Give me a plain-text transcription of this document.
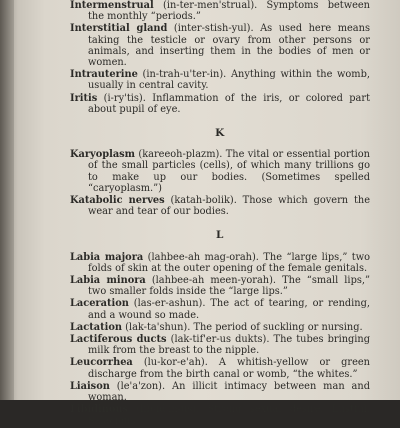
Intermenstrual (in-ter-men'strual). Symptoms between the monthly “periods.”

Interstitial gland (inter-stish-yul). As used here means taking the testicle or ovary from other persons or animals, and inserting them in the bodies of men or women.

Intrauterine (in-trah-u'ter-in). Anything within the womb, usually in central cavity.

Iritis (i-ry'tis). Inflammation of the iris, or colored part about pupil of eye.

K

Karyoplasm (kareeoh-plazm). The vital or essential portion of the small particles (cells), of which many trillions go to make up our bodies. (Sometimes spelled “caryoplasm.”)

Katabolic nerves (katah-bolik). Those which govern the wear and tear of our bodies.

L

Labia majora (lahbee-ah mag-orah). The “large lips,” two folds of skin at the outer opening of the female genitals.

Labia minora (lahbee-ah meen-yorah). The “small lips,” two smaller folds inside the “large lips.”

Laceration (las-er-ashun). The act of tearing, or rending, and a wound so made.

Lactation (lak-ta'shun). The period of suckling or nursing.

Lactiferous ducts (lak-tif'er-us dukts). The tubes bringing milk from the breast to the nipple.

Leucorrhea (lu-kor-e'ah). A whitish-yellow or green discharge from the birth canal or womb, “the whites.”

Liaison (le'a'zon). An illicit intimacy between man and woman.

Libidinous (lib-id'in-us). Strong sexual desire. Lustful. Salacious.
